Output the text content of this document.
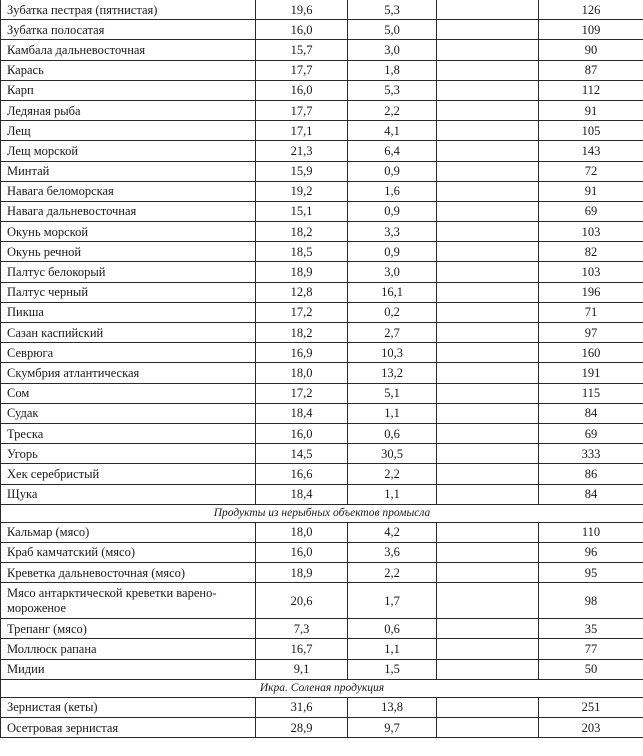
Зубатка пестрая (пятнистая)	19,6	5,3		126
Зубатка полосатая	16,0	5,0		109
Камбала дальневосточная	15,7	3,0		90
Карась	17,7	1,8		87
Карп	16,0	5,3		112
Ледяная рыба	17,7	2,2		91
Лещ	17,1	4,1		105
Лещ морской	21,3	6,4		143
Минтай	15,9	0,9		72
Навага беломорская	19,2	1,6		91
Навага дальневосточная	15,1	0,9		69
Окунь морской	18,2	3,3		103
Окунь речной	18,5	0,9		82
Палтус белокорый	18,9	3,0		103
Палтус черный	12,8	16,1		196
Пикша	17,2	0,2		71
Сазан каспийский	18,2	2,7		97
Севрюга	16,9	10,3		160
Скумбрия атлантическая	18,0	13,2		191
Сом	17,2	5,1		115
Судак	18,4	1,1		84
Треска	16,0	0,6		69
Угорь	14,5	30,5		333
Хек серебристый	16,6	2,2		86
Щука	18,4	1,1		84
Продукты из нерыбных объектов промысла				
Кальмар (мясо)	18,0	4,2		110
Краб камчатский (мясо)	16,0	3,6		96
Креветка дальневосточная (мясо)	18,9	2,2		95
Мясо антарктической креветки варено-мороженое	20,6	1,7		98
Трепанг (мясо)	7,3	0,6		35
Моллюск рапана	16,7	1,1		77
Мидии	9,1	1,5		50
Икра. Соленая продукция				
Зернистая (кеты)	31,6	13,8		251
Осетровая зернистая	28,9	9,7		203
